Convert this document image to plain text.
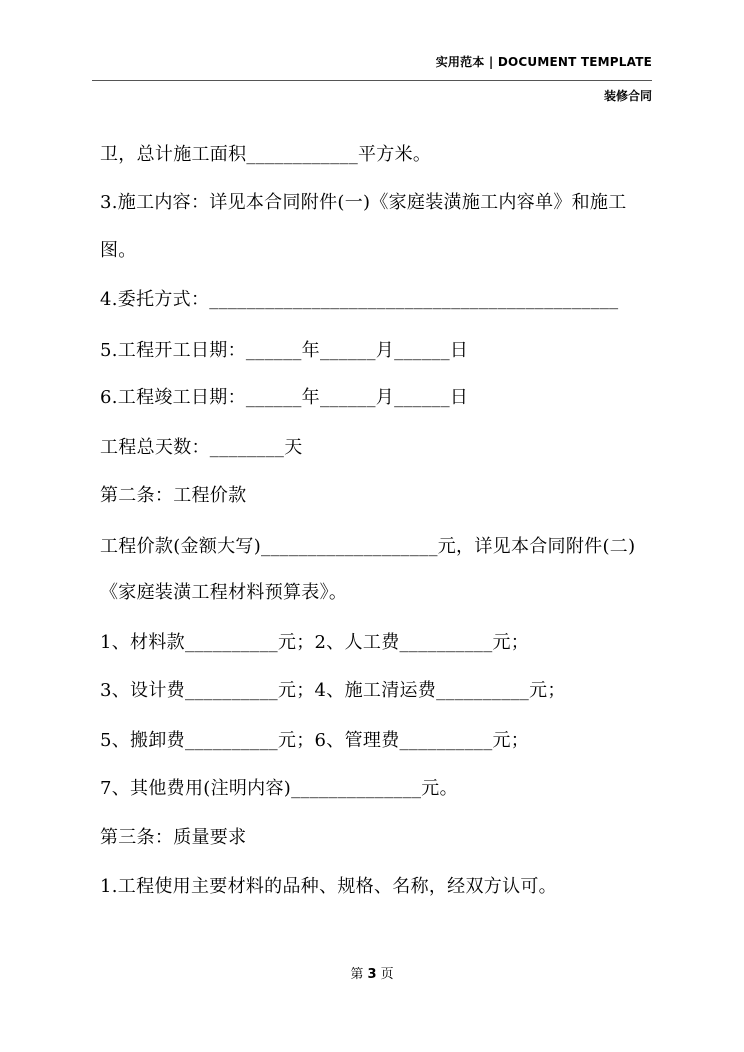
实用范本 | DOCUMENT TEMPLATE
装修合同
卫，总计施工面积____________平方米。
3.施工内容：详见本合同附件(一)《家庭装潢施工内容单》和施工
图。
4.委托方式：____________________________________________
5.工程开工日期：______年______月______日
6.工程竣工日期：______年______月______日
工程总天数：________天
第二条：工程价款
工程价款(金额大写)___________________元，详见本合同附件(二)
《家庭装潢工程材料预算表》。
1、材料款__________元；2、人工费__________元；
3、设计费__________元；4、施工清运费__________元；
5、搬卸费__________元；6、管理费__________元；
7、其他费用(注明内容)______________元。
第三条：质量要求
1.工程使用主要材料的品种、规格、名称，经双方认可。
第 3 页
